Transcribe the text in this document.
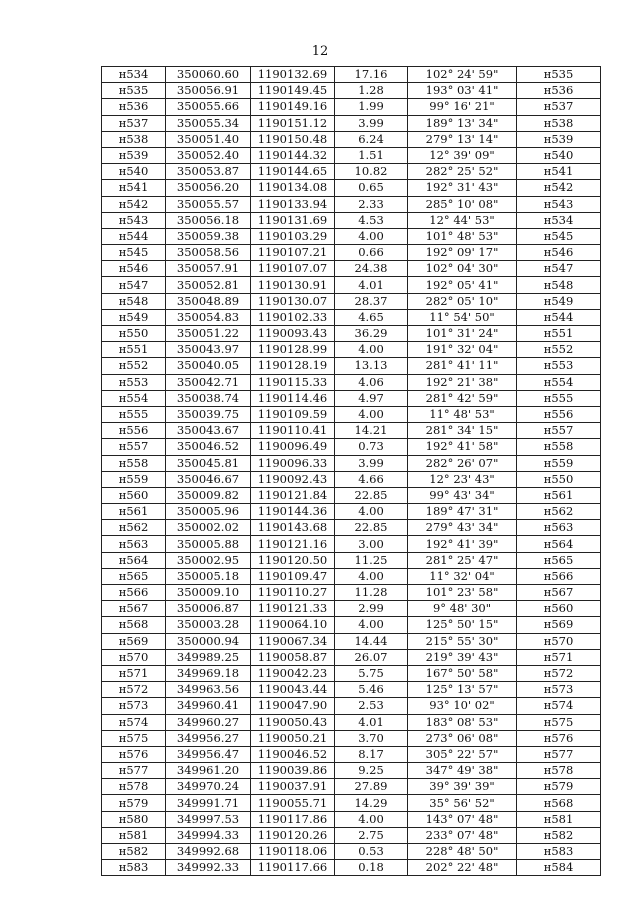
12
н534	350060.60	1190132.69	17.16	102° 24' 59"	н535
н535	350056.91	1190149.45	1.28	193° 03' 41"	н536
н536	350055.66	1190149.16	1.99	99° 16' 21"	н537
н537	350055.34	1190151.12	3.99	189° 13' 34"	н538
н538	350051.40	1190150.48	6.24	279° 13' 14"	н539
н539	350052.40	1190144.32	1.51	12° 39' 09"	н540
н540	350053.87	1190144.65	10.82	282° 25' 52"	н541
н541	350056.20	1190134.08	0.65	192° 31' 43"	н542
н542	350055.57	1190133.94	2.33	285° 10' 08"	н543
н543	350056.18	1190131.69	4.53	12° 44' 53"	н534
н544	350059.38	1190103.29	4.00	101° 48' 53"	н545
н545	350058.56	1190107.21	0.66	192° 09' 17"	н546
н546	350057.91	1190107.07	24.38	102° 04' 30"	н547
н547	350052.81	1190130.91	4.01	192° 05' 41"	н548
н548	350048.89	1190130.07	28.37	282° 05' 10"	н549
н549	350054.83	1190102.33	4.65	11° 54' 50"	н544
н550	350051.22	1190093.43	36.29	101° 31' 24"	н551
н551	350043.97	1190128.99	4.00	191° 32' 04"	н552
н552	350040.05	1190128.19	13.13	281° 41' 11"	н553
н553	350042.71	1190115.33	4.06	192° 21' 38"	н554
н554	350038.74	1190114.46	4.97	281° 42' 59"	н555
н555	350039.75	1190109.59	4.00	11° 48' 53"	н556
н556	350043.67	1190110.41	14.21	281° 34' 15"	н557
н557	350046.52	1190096.49	0.73	192° 41' 58"	н558
н558	350045.81	1190096.33	3.99	282° 26' 07"	н559
н559	350046.67	1190092.43	4.66	12° 23' 43"	н550
н560	350009.82	1190121.84	22.85	99° 43' 34"	н561
н561	350005.96	1190144.36	4.00	189° 47' 31"	н562
н562	350002.02	1190143.68	22.85	279° 43' 34"	н563
н563	350005.88	1190121.16	3.00	192° 41' 39"	н564
н564	350002.95	1190120.50	11.25	281° 25' 47"	н565
н565	350005.18	1190109.47	4.00	11° 32' 04"	н566
н566	350009.10	1190110.27	11.28	101° 23' 58"	н567
н567	350006.87	1190121.33	2.99	9° 48' 30"	н560
н568	350003.28	1190064.10	4.00	125° 50' 15"	н569
н569	350000.94	1190067.34	14.44	215° 55' 30"	н570
н570	349989.25	1190058.87	26.07	219° 39' 43"	н571
н571	349969.18	1190042.23	5.75	167° 50' 58"	н572
н572	349963.56	1190043.44	5.46	125° 13' 57"	н573
н573	349960.41	1190047.90	2.53	93° 10' 02"	н574
н574	349960.27	1190050.43	4.01	183° 08' 53"	н575
н575	349956.27	1190050.21	3.70	273° 06' 08"	н576
н576	349956.47	1190046.52	8.17	305° 22' 57"	н577
н577	349961.20	1190039.86	9.25	347° 49' 38"	н578
н578	349970.24	1190037.91	27.89	39° 39' 39"	н579
н579	349991.71	1190055.71	14.29	35° 56' 52"	н568
н580	349997.53	1190117.86	4.00	143° 07' 48"	н581
н581	349994.33	1190120.26	2.75	233° 07' 48"	н582
н582	349992.68	1190118.06	0.53	228° 48' 50"	н583
н583	349992.33	1190117.66	0.18	202° 22' 48"	н584
